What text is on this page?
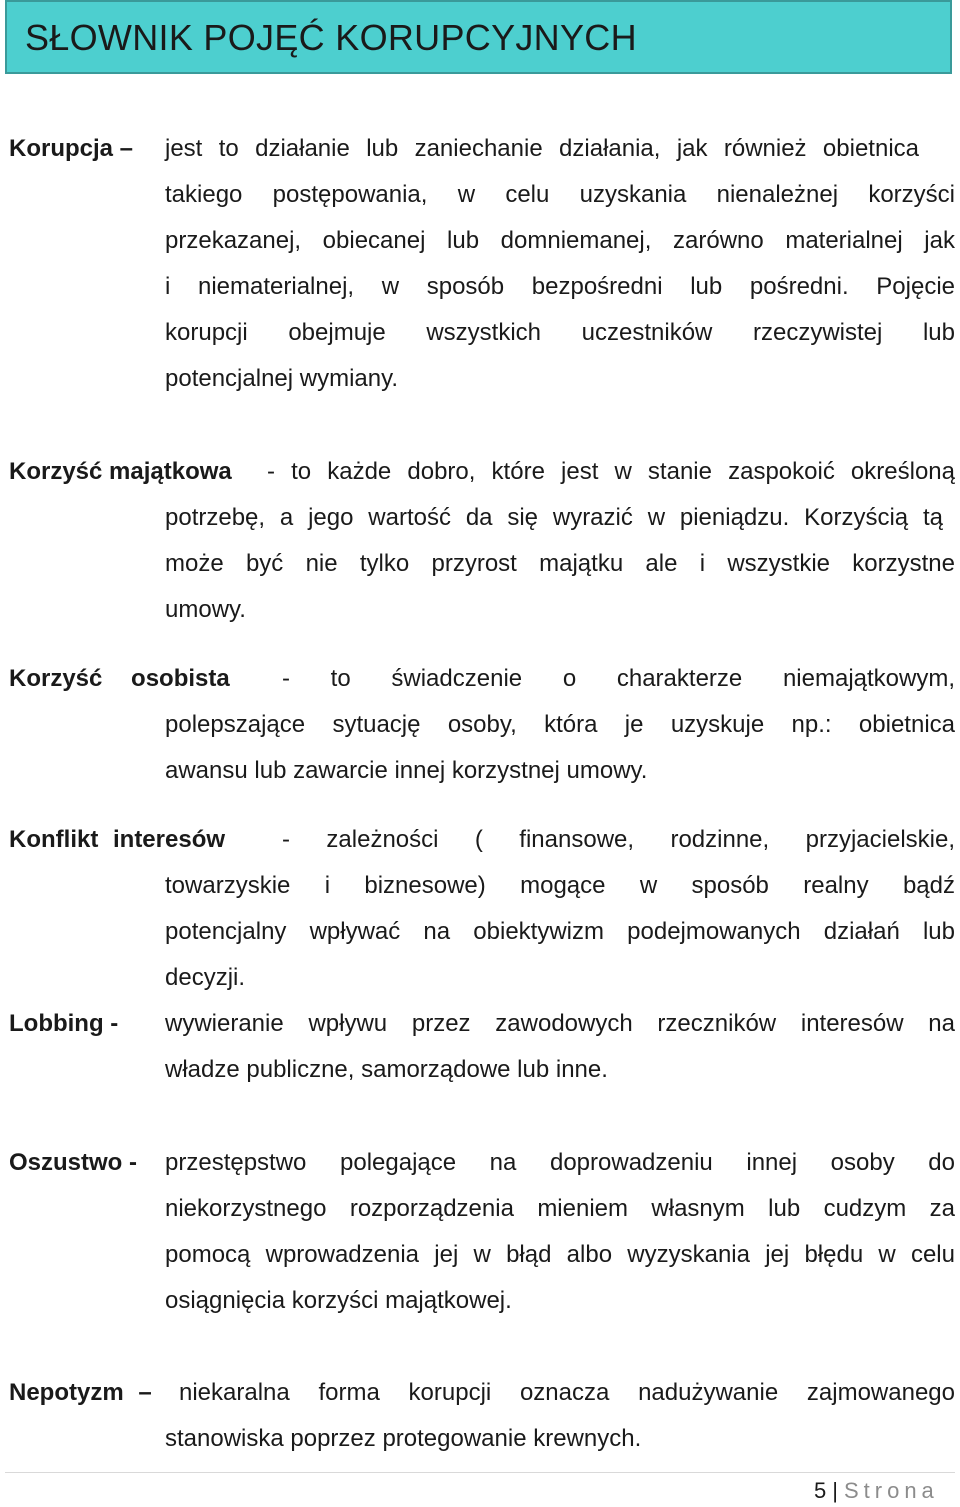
SŁOWNIK POJĘĆ KORUPCYJNYCH
Korupcja – jest to działanie lub zaniechanie działania, jak również obietnica
takiego postępowania, w celu uzyskania nienależnej korzyści
przekazanej, obiecanej lub domniemanej, zarówno materialnej jak
i niematerialnej, w sposób bezpośredni lub pośredni. Pojęcie
korupcji obejmuje wszystkich uczestników rzeczywistej lub
potencjalnej wymiany.
Korzyść majątkowa - to każde dobro, które jest w stanie zaspokoić określoną
potrzebę, a jego wartość da się wyrazić w pieniądzu. Korzyścią tą
może być nie tylko przyrost majątku ale i wszystkie korzystne
umowy.
Korzyść osobista - to świadczenie o charakterze niemajątkowym,
polepszające sytuację osoby, która je uzyskuje np.: obietnica
awansu lub zawarcie innej korzystnej umowy.
Konflikt interesów - zależności ( finansowe, rodzinne, przyjacielskie,
towarzyskie i biznesowe) mogące w sposób realny bądź
potencjalny wpływać na obiektywizm podejmowanych działań lub
decyzji.
Lobbing - wywieranie wpływu przez zawodowych rzeczników interesów na
władze publiczne, samorządowe lub inne.
Oszustwo - przestępstwo polegające na doprowadzeniu innej osoby do
niekorzystnego rozporządzenia mieniem własnym lub cudzym za
pomocą wprowadzenia jej w błąd albo wyzyskania jej błędu w celu
osiągnięcia korzyści majątkowej.
Nepotyzm – niekaralna forma korupcji oznacza nadużywanie zajmowanego
stanowiska poprzez protegowanie krewnych.
5 | Strona
